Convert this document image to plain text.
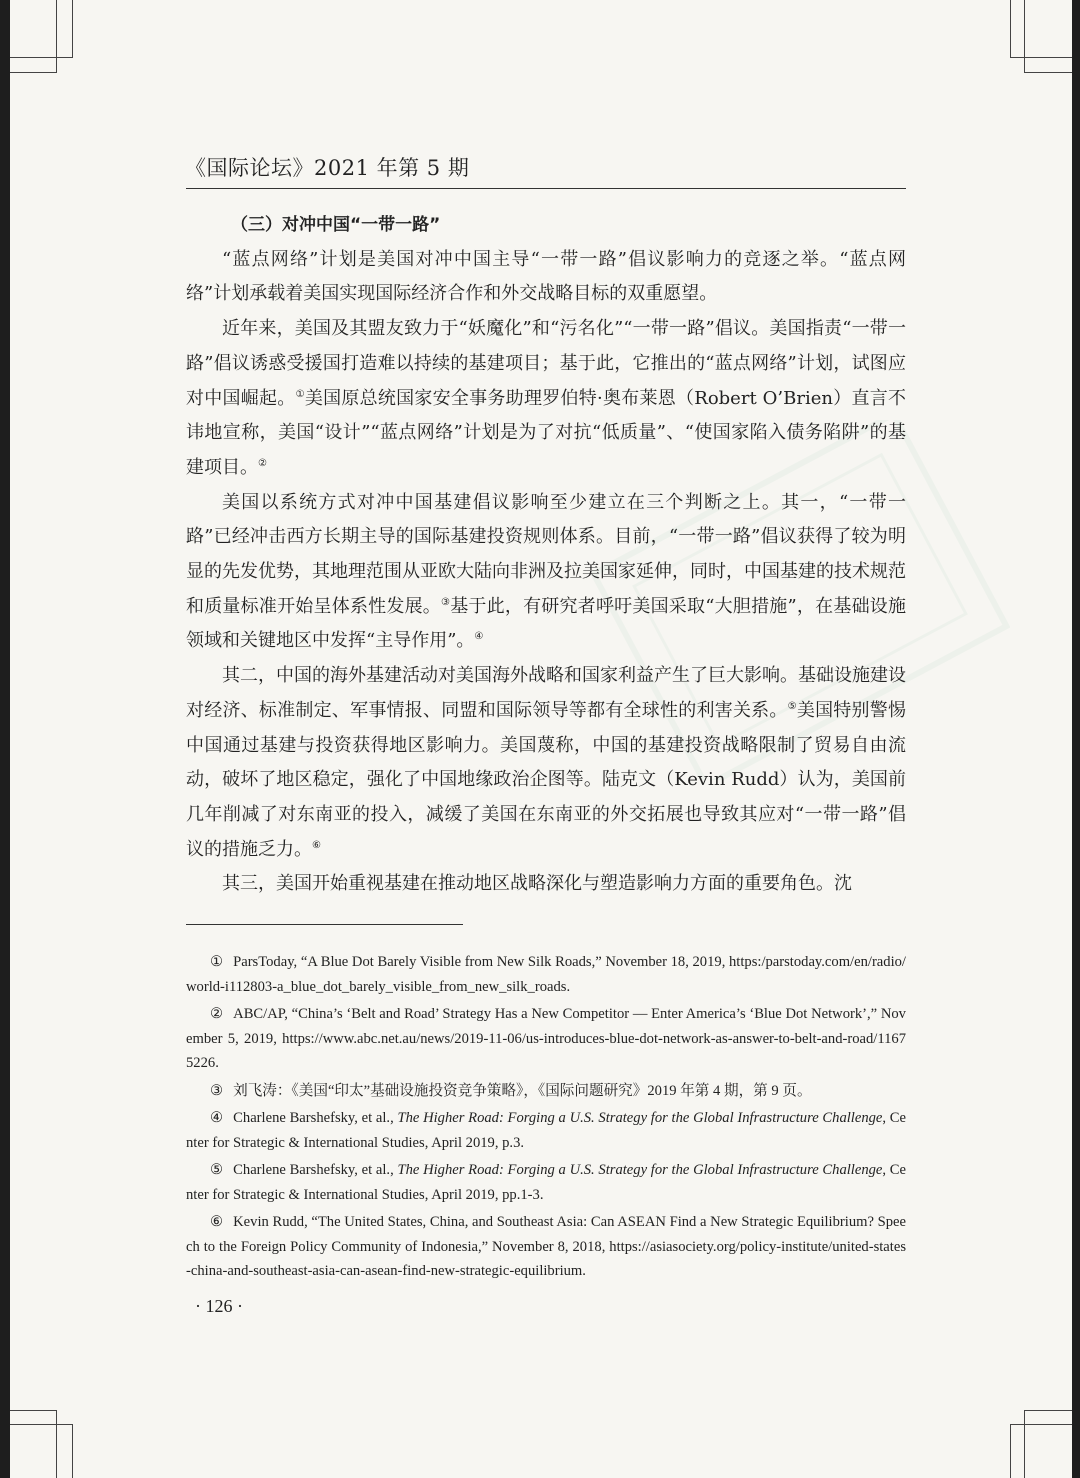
《国际论坛》2021 年第 5 期

（三）对冲中国“一带一路”

“蓝点网络”计划是美国对冲中国主导“一带一路”倡议影响力的竞逐之举。“蓝点网络”计划承载着美国实现国际经济合作和外交战略目标的双重愿望。

近年来，美国及其盟友致力于“妖魔化”和“污名化”“一带一路”倡议。美国指责“一带一路”倡议诱惑受援国打造难以持续的基建项目；基于此，它推出的“蓝点网络”计划，试图应对中国崛起。①美国原总统国家安全事务助理罗伯特·奥布莱恩（Robert O’Brien）直言不讳地宣称，美国“设计”“蓝点网络”计划是为了对抗“低质量”、“使国家陷入债务陷阱”的基建项目。②

美国以系统方式对冲中国基建倡议影响至少建立在三个判断之上。其一，“一带一路”已经冲击西方长期主导的国际基建投资规则体系。目前，“一带一路”倡议获得了较为明显的先发优势，其地理范围从亚欧大陆向非洲及拉美国家延伸，同时，中国基建的技术规范和质量标准开始呈体系性发展。③基于此，有研究者呼吁美国采取“大胆措施”，在基础设施领域和关键地区中发挥“主导作用”。④

其二，中国的海外基建活动对美国海外战略和国家利益产生了巨大影响。基础设施建设对经济、标准制定、军事情报、同盟和国际领导等都有全球性的利害关系。⑤美国特别警惕中国通过基建与投资获得地区影响力。美国蔑称，中国的基建投资战略限制了贸易自由流动，破坏了地区稳定，强化了中国地缘政治企图等。陆克文（Kevin Rudd）认为，美国前几年削减了对东南亚的投入，减缓了美国在东南亚的外交拓展也导致其应对“一带一路”倡议的措施乏力。⑥

其三，美国开始重视基建在推动地区战略深化与塑造影响力方面的重要角色。沈

① ParsToday, “A Blue Dot Barely Visible from New Silk Roads,” November 18, 2019, https:/parstoday.com/en/radio/world-i112803-a_blue_dot_barely_visible_from_new_silk_roads.

② ABC/AP, “China’s ‘Belt and Road’ Strategy Has a New Competitor — Enter America’s ‘Blue Dot Network’,” November 5, 2019, https://www.abc.net.au/news/2019-11-06/us-introduces-blue-dot-network-as-answer-to-belt-and-road/11675226.

③ 刘飞涛：《美国“印太”基础设施投资竞争策略》，《国际问题研究》2019 年第 4 期，第 9 页。

④ Charlene Barshefsky, et al., The Higher Road: Forging a U.S. Strategy for the Global Infrastructure Challenge, Center for Strategic & International Studies, April 2019, p.3.

⑤ Charlene Barshefsky, et al., The Higher Road: Forging a U.S. Strategy for the Global Infrastructure Challenge, Center for Strategic & International Studies, April 2019, pp.1-3.

⑥ Kevin Rudd, “The United States, China, and Southeast Asia: Can ASEAN Find a New Strategic Equilibrium? Speech to the Foreign Policy Community of Indonesia,” November 8, 2018, https://asiasociety.org/policy-institute/united-states-china-and-southeast-asia-can-asean-find-new-strategic-equilibrium.

· 126 ·
